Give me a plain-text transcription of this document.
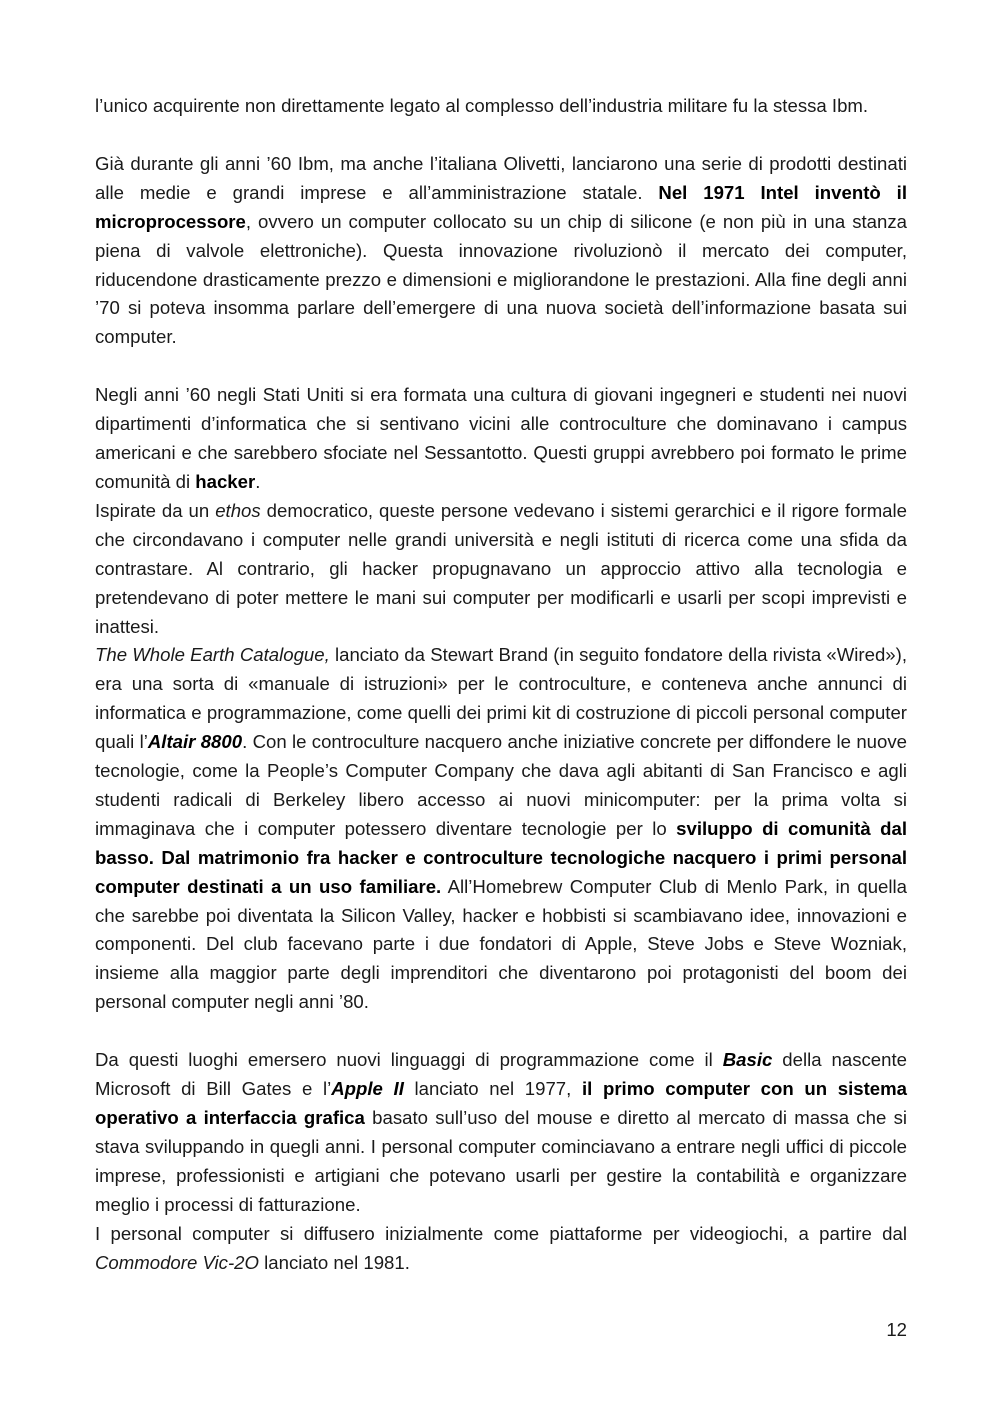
l’unico acquirente non direttamente legato al complesso dell’industria militare fu la stessa Ibm.

Già durante gli anni ’60 Ibm, ma anche l’italiana Olivetti, lanciarono una serie di prodotti destinati alle medie e grandi imprese e all’amministrazione statale. Nel 1971 Intel inventò il microprocessore, ovvero un computer collocato su un chip di silicone (e non più in una stanza piena di valvole elettroniche). Questa innovazione rivoluzionò il mercato dei computer, riducendone drasticamente prezzo e dimensioni e migliorandone le prestazioni. Alla fine degli anni ’70 si poteva insomma parlare dell’emergere di una nuova società dell’informazione basata sui computer.

Negli anni ’60 negli Stati Uniti si era formata una cultura di giovani ingegneri e studenti nei nuovi dipartimenti d’informatica che si sentivano vicini alle controculture che dominavano i campus americani e che sarebbero sfociate nel Sessantotto. Questi gruppi avrebbero poi formato le prime comunità di hacker.

Ispirate da un ethos democratico, queste persone vedevano i sistemi gerarchici e il rigore formale che circondavano i computer nelle grandi università e negli istituti di ricerca come una sfida da contrastare. Al contrario, gli hacker propugnavano un approccio attivo alla tecnologia e pretendevano di poter mettere le mani sui computer per modificarli e usarli per scopi imprevisti e inattesi.

The Whole Earth Catalogue, lanciato da Stewart Brand (in seguito fondatore della rivista «Wired»), era una sorta di «manuale di istruzioni» per le controculture, e conteneva anche annunci di informatica e programmazione, come quelli dei primi kit di costruzione di piccoli personal computer quali l’Altair 8800. Con le controculture nacquero anche iniziative concrete per diffondere le nuove tecnologie, come la People’s Computer Company che dava agli abitanti di San Francisco e agli studenti radicali di Berkeley libero accesso ai nuovi minicomputer: per la prima volta si immaginava che i computer potessero diventare tecnologie per lo sviluppo di comunità dal basso. Dal matrimonio fra hacker e controculture tecnologiche nacquero i primi personal computer destinati a un uso familiare. All’Homebrew Computer Club di Menlo Park, in quella che sarebbe poi diventata la Silicon Valley, hacker e hobbisti si scambiavano idee, innovazioni e componenti. Del club facevano parte i due fondatori di Apple, Steve Jobs e Steve Wozniak, insieme alla maggior parte degli imprenditori che diventarono poi protagonisti del boom dei personal computer negli anni ’80.

Da questi luoghi emersero nuovi linguaggi di programmazione come il Basic della nascente Microsoft di Bill Gates e l’Apple II lanciato nel 1977, il primo computer con un sistema operativo a interfaccia grafica basato sull’uso del mouse e diretto al mercato di massa che si stava sviluppando in quegli anni. I personal computer cominciavano a entrare negli uffici di piccole imprese, professionisti e artigiani che potevano usarli per gestire la contabilità e organizzare meglio i processi di fatturazione.

I personal computer si diffusero inizialmente come piattaforme per videogiochi, a partire dal Commodore Vic-2O lanciato nel 1981.

12
